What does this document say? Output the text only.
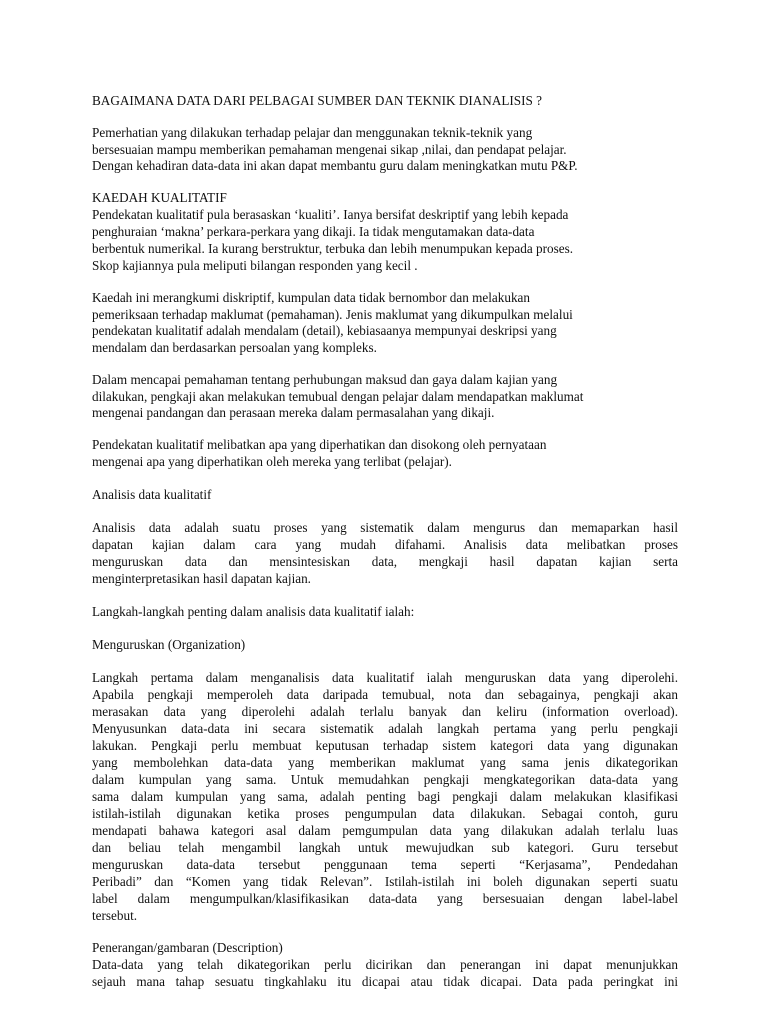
BAGAIMANA DATA DARI PELBAGAI SUMBER DAN TEKNIK DIANALISIS ?
Pemerhatian yang dilakukan terhadap pelajar dan menggunakan teknik-teknik yang
bersesuaian mampu memberikan pemahaman mengenai sikap ,nilai, dan pendapat pelajar.
Dengan kehadiran data-data ini akan dapat membantu guru dalam meningkatkan mutu P&P.
KAEDAH KUALITATIF
Pendekatan kualitatif pula berasaskan ‘kualiti’. Ianya bersifat deskriptif yang lebih kepada
penghuraian ‘makna’ perkara-perkara yang dikaji. Ia tidak mengutamakan data-data
berbentuk numerikal. Ia kurang berstruktur, terbuka dan lebih menumpukan kepada proses.
Skop kajiannya pula meliputi bilangan responden yang kecil .
Kaedah ini merangkumi diskriptif, kumpulan data tidak bernombor dan melakukan
pemeriksaan terhadap maklumat (pemahaman). Jenis maklumat yang dikumpulkan melalui
pendekatan kualitatif adalah mendalam (detail), kebiasaanya mempunyai deskripsi yang
mendalam dan berdasarkan persoalan yang kompleks.
Dalam mencapai pemahaman tentang perhubungan maksud dan gaya dalam kajian yang
dilakukan, pengkaji akan melakukan temubual dengan pelajar dalam mendapatkan maklumat
mengenai pandangan dan perasaan mereka dalam permasalahan yang dikaji.
Pendekatan kualitatif melibatkan apa yang diperhatikan dan disokong oleh pernyataan
mengenai apa yang diperhatikan oleh mereka yang terlibat (pelajar).
Analisis data kualitatif
Analisis data adalah suatu proses yang sistematik dalam mengurus dan memaparkan hasil
dapatan kajian dalam cara yang mudah difahami. Analisis data melibatkan proses
menguruskan data dan mensintesiskan data, mengkaji hasil dapatan kajian serta
menginterpretasikan hasil dapatan kajian.
Langkah-langkah penting dalam analisis data kualitatif ialah:
Menguruskan (Organization)
Langkah pertama dalam menganalisis data kualitatif ialah menguruskan data yang diperolehi.
Apabila pengkaji memperoleh data daripada temubual, nota dan sebagainya, pengkaji akan
merasakan data yang diperolehi adalah terlalu banyak dan keliru (information overload).
Menyusunkan data-data ini secara sistematik adalah langkah pertama yang perlu pengkaji
lakukan. Pengkaji perlu membuat keputusan terhadap sistem kategori data yang digunakan
yang membolehkan data-data yang memberikan maklumat yang sama jenis dikategorikan
dalam kumpulan yang sama. Untuk memudahkan pengkaji mengkategorikan data-data yang
sama dalam kumpulan yang sama, adalah penting bagi pengkaji dalam melakukan klasifikasi
istilah-istilah digunakan ketika proses pengumpulan data dilakukan. Sebagai contoh, guru
mendapati bahawa kategori asal dalam pemgumpulan data yang dilakukan adalah terlalu luas
dan beliau telah mengambil langkah untuk mewujudkan sub kategori. Guru tersebut
menguruskan data-data tersebut penggunaan tema seperti “Kerjasama”, Pendedahan
Peribadi” dan “Komen yang tidak Relevan”. Istilah-istilah ini boleh digunakan seperti suatu
label dalam mengumpulkan/klasifikasikan data-data yang bersesuaian dengan label-label
tersebut.
Penerangan/gambaran (Description)
Data-data yang telah dikategorikan perlu dicirikan dan penerangan ini dapat menunjukkan
sejauh mana tahap sesuatu tingkahlaku itu dicapai atau tidak dicapai. Data pada peringkat ini
